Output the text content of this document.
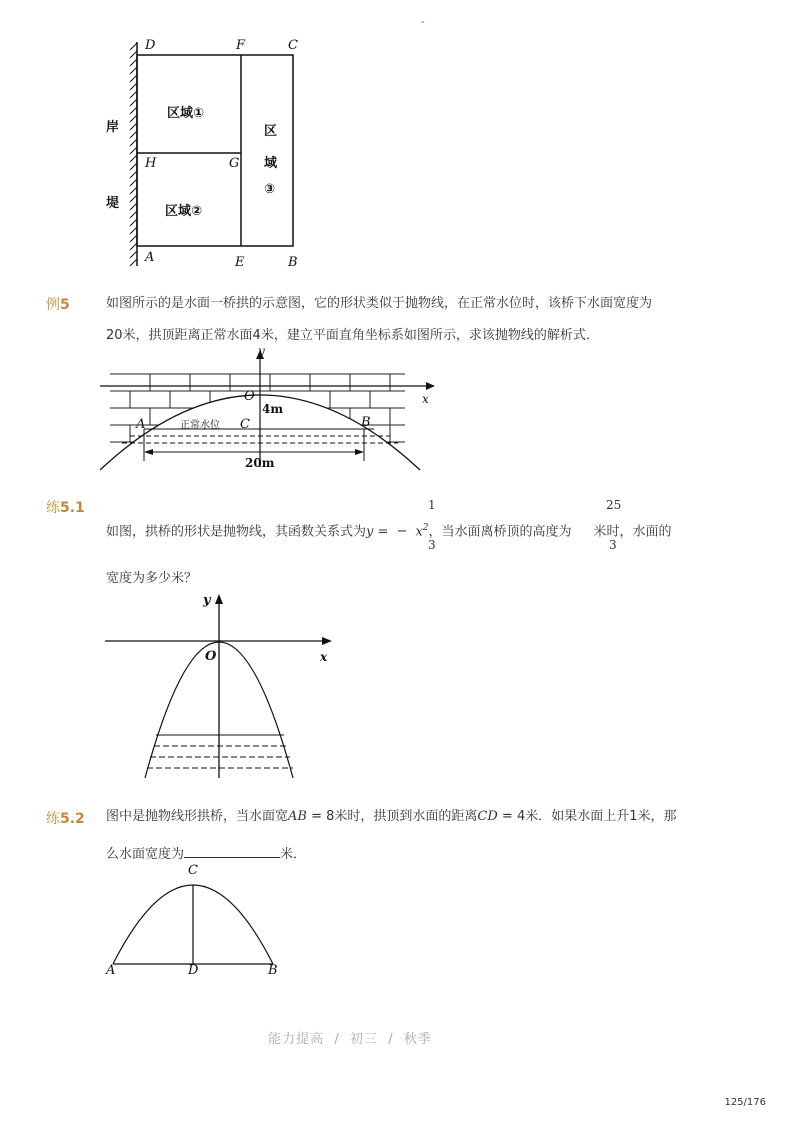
-
D	F	C
H	G
A	E	B
区域①
区域②
区
域
③
岸
堤
例5	如图所示的是水面一桥拱的示意图，它的形状类似于抛物线，在正常水位时，该桥下水面宽度为
20米，拱顶距离正常水面4米，建立平面直角坐标系如图所示，求该抛物线的解析式．
y
x
O
4m
正常水位 C
A	B
20m
练5.1
如图，拱桥的形状是抛物线，其函数关系式为y = − $x^2$，当水面离桥顶的高度为 米时，水面的
1
3
25
3
宽度为多少米？
y
x
O
练5.2 图中是抛物线形拱桥，当水面宽AB = 8米时，拱顶到水面的距离CD = 4米．如果水面上升1米，那
么水面宽度为	米．
C
A	D	B
能力提高  /  初三  /  秋季
125/176
